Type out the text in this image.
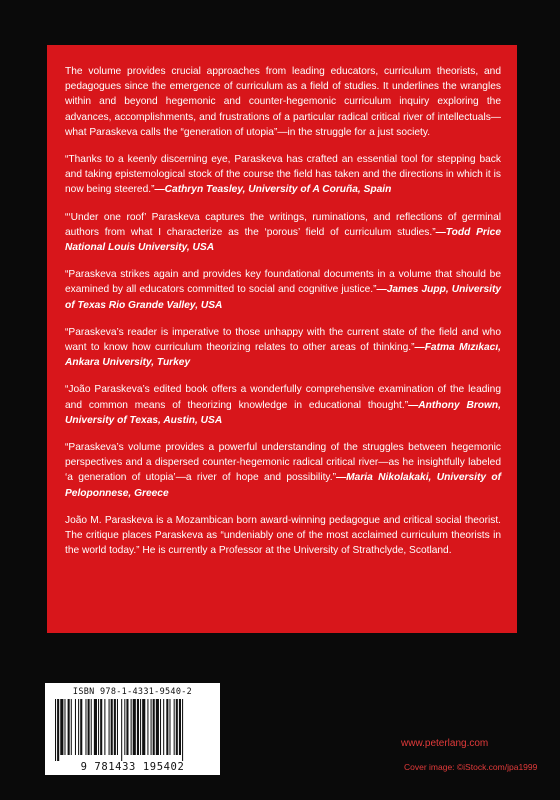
The volume provides crucial approaches from leading educators, curriculum theorists, and pedagogues since the emergence of curriculum as a field of studies. It underlines the wrangles within and beyond hegemonic and counter-hegemonic curriculum inquiry exploring the advances, accomplishments, and frustrations of a particular radical critical river of intellectuals—what Paraskeva calls the “generation of utopia”—in the struggle for a just society.

“Thanks to a keenly discerning eye, Paraskeva has crafted an essential tool for stepping back and taking epistemological stock of the course the field has taken and the directions in which it is now being steered.”—Cathryn Teasley, University of A Coruña, Spain

“‘Under one roof’ Paraskeva captures the writings, ruminations, and reflections of germinal authors from what I characterize as the ‘porous’ field of curriculum studies.”—Todd Price National Louis University, USA

“Paraskeva strikes again and provides key foundational documents in a volume that should be examined by all educators committed to social and cognitive justice.”—James Jupp, University of Texas Rio Grande Valley, USA

“Paraskeva’s reader is imperative to those unhappy with the current state of the field and who want to know how curriculum theorizing relates to other areas of thinking.”—Fatma Mızıkacı, Ankara University, Turkey

“João Paraskeva’s edited book offers a wonderfully comprehensive examination of the leading and common means of theorizing knowledge in educational thought.”—Anthony Brown, University of Texas, Austin, USA

“Paraskeva’s volume provides a powerful understanding of the struggles between hegemonic perspectives and a dispersed counter-hegemonic radical critical river—as he insightfully labeled ‘a generation of utopia’—a river of hope and possibility.”—Maria Nikolakaki, University of Peloponnese, Greece

João M. Paraskeva is a Mozambican born award-winning pedagogue and critical social theorist. The critique places Paraskeva as “undeniably one of the most acclaimed curriculum theorists in the world today.” He is currently a Professor at the University of Strathclyde, Scotland.

ISBN 978-1-4331-9540-2
9 781433 195402
www.peterlang.com
Cover image: ©iStock.com/jpa1999
